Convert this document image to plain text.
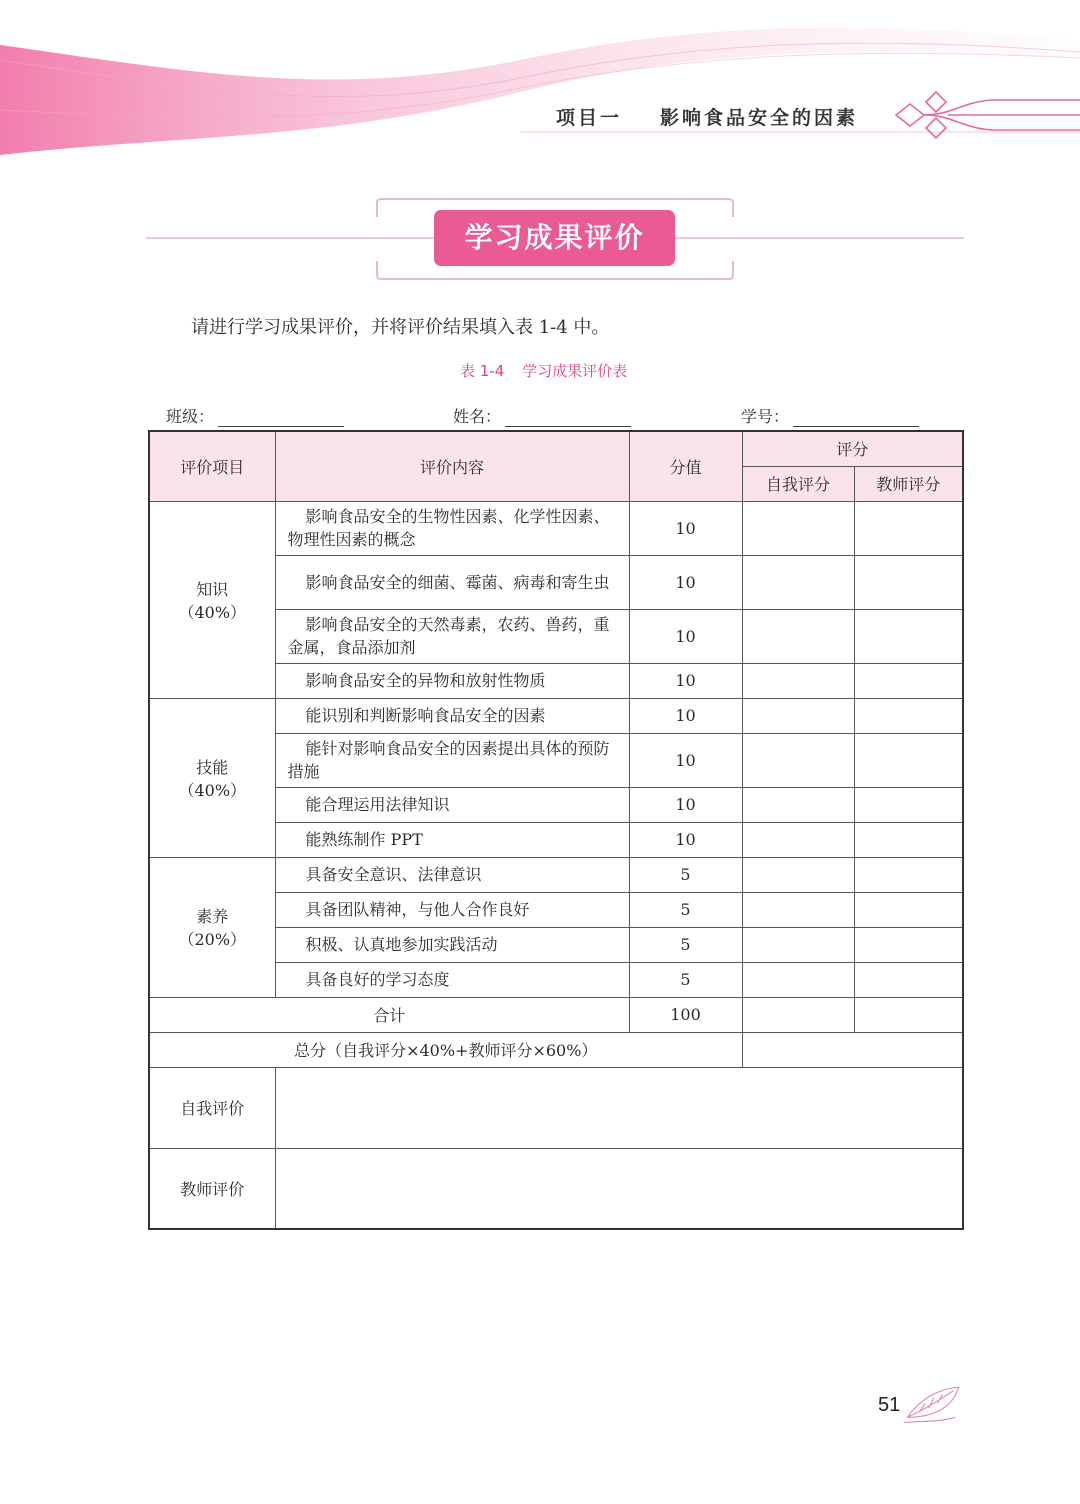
项目一 影响食品安全的因素
学习成果评价
请进行学习成果评价，并将评价结果填入表 1-4 中。
表 1-4 学习成果评价表
班级：	姓名：	学号：
评价项目	评价内容	分值	评分	
			自我评分	教师评分

知识
（40%）	影响食品安全的生物性因素、化学性因素、物理性因素的概念	10		
	影响食品安全的细菌、霉菌、病毒和寄生虫	10		
	影响食品安全的天然毒素，农药、兽药，重金属，食品添加剂	10		
	影响食品安全的异物和放射性物质	10		

技能
（40%）	能识别和判断影响食品安全的因素	10		
	能针对影响食品安全的因素提出具体的预防措施	10		
	能合理运用法律知识	10		
	能熟练制作 PPT	10		

素养
（20%）	具备安全意识、法律意识	5		
	具备团队精神，与他人合作良好	5		
	积极、认真地参加实践活动	5		
	具备良好的学习态度	5		
合计		100		
总分（自我评分×40%+教师评分×60%）				
自我评价				
教师评价				
51
